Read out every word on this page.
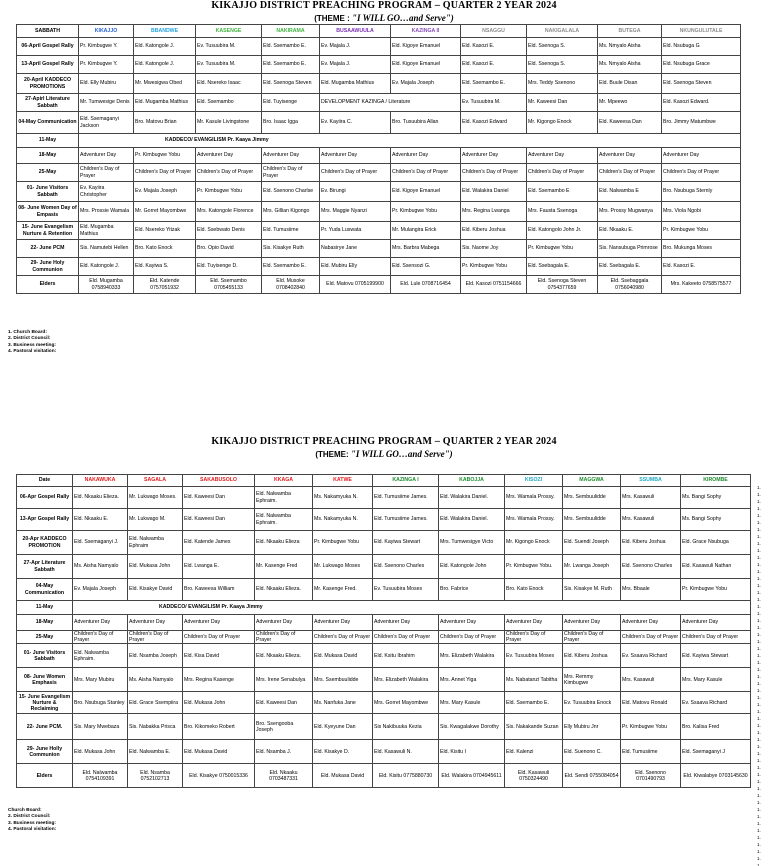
KIKAJJO DISTRICT PREACHING PROGRAM – QUARTER 2 YEAR 2024
(THEME : "I WILL GO…and Serve")
SABBATH	KIKAJJO	BBANDWE	KASENGE	NAKIRAMA	BUSAAWUULA	KAZINGA II	NSAGGU	NAKIGALALA	BUTEGA	NKUNGULUTALE
06-April Gospel Rally	Pr. Kimbugwe Y.	Eld. Katongole J.	Ev. Tusuubira M.	Eld. Ssemambo E.	Ev. Majala J.	Eld. Kigoye Emanuel	Eld. Kasozi E.	Eld. Ssenoga S.	Ms. Nmyalo Aisha	Eld. Nsubuga G
13-April Gospel Rally	Pr. Kimbugwe Y.	Eld. Katongole J.	Ev. Tusuubira M.	Eld. Ssemambo E.	Ev. Majala J.	Eld. Kigoye Emanuel	Eld. Kasozi E.	Eld. Ssenoga S.	Ms. Nmyalo Aisha	Eld. Nsubuga Grace
20-April KADDECO PROMOTIONS	Eld. Elly Mubiru	Mr. Mwesigwa Obed	Eld. Nsereko Isaac	Eld. Ssenoga Steven	Eld. Mugamba Mathius	Ev. Majala Joseph	Eld. Ssemambo E.	Mrs. Teddy Ssenono	Eld. Buule Disan	Eld. Ssenoga Steven
27-Apirl Literature Sabbath	Mr. Tumwesige Denis	Eld. Mugamba Mathius	Eld. Ssemambo	Eld. Tuyisenge	DEVELOPMENT KAZINGA / Literature		Ev. Tusuubira M.	Mr. Kaweesi Dan	Mr. Mpeewo	Eld. Kasozi Edward.
04-May Communication	Eld. Ssemaganyi Jackson	Bro. Matovu Brian	Mr. Kasule Livingstone	Bro. Isaac Igga	Ev. Kayiira C.	Bro. Tusuubira Allan	Eld. Kasozi Edward	Mr. Kigongo Enock	Eld. Kaweesa Dan	Bro. Jimmy Matumbwe
11-May	KADDECO/ EVANGILISM Pr. Kaaya Jimmy									
18-May	Adventurer Day	Pr. Kimbugwe Yobu	Adventurer Day	Adventurer Day	Adventurer Day	Adventurer Day	Adventurer Day	Adventurer Day	Adventurer Day	Adventurer Day
25-May	Children's Day of Prayer	Children's Day of Prayer	Children's Day of Prayer	Children's Day of Prayer	Children's Day of Prayer	Children's Day of Prayer	Children's Day of Prayer	Children's Day of Prayer	Children's Day of Prayer	Children's Day of Prayer
01- June Visitors Sabbath	Ev. Kayiira Christopher	Ev. Majala Joseph	Pr. Kimbugwe Yobu	Eld. Ssenono Charlse	Ev. Birungi	Eld. Kigoye Emanuel	Eld. Walakira Daniel	Eld. Ssemambo E	Eld. Nalwamba E	Bro. Nsubuga Sternly
08- June Women Day of Empasis	Mrs. Prossie Wamala	Mr. Gorret Mayombwe	Mrs. Katongole Florence	Mrs. Gillian Kigongo	Mrs. Maggie Nyanzi	Pr. Kimbugwe Yobu	Mrs. Regina Lwanga	Mrs. Fausta Ssenoga	Mrs. Prossy Mugwanya	Mrs. Viola Ngobi
15- June Evangelism Nurture & Retention	Eld. Mugamba Mathius	Eld. Nsereko Yitzak	Eld. Ssebwato Denis	Eld. Tumusiime	Pr. Yuda Luswata	Mr. Mulangira Erick	Eld. Kiberu Joshua	Eld. Katongolo John Jr.	Eld. Nkaaku E.	Pr. Kimbugwe Yobu
22- June PCM	Sis. Namutebi Hellen	Bro. Kato Enock	Bro. Opio David	Sis. Kisakye Ruth	Nabasirye Jane	Mrs. Barbra Mabega	Sis. Naome Joy	Pr. Kimbugwe Yobu	Sis. Nansubuga Primrose	Bro. Mukunga Moses
29- June Holy Communion	Eld. Katongole J.	Eld. Kayiwa S.	Eld. Tuyisenge D.	Eld. Ssemambo E.	Eld. Mubiru Elly	Eld. Ssensozi G.	Pr. Kimbugwe Yobu	Eld. Ssebagala E.	Eld. Ssebagala E.	Eld. Kasozi E.
Elders	Eld. Mugamba 0758940333	Eld. Katende 0757051932	Eld. Ssemambo 0705455133	Eld. Musoke 0708402840	Eld. Matovu 0705199900	Eld. Lule 0708716454	Eld. Kasozi 0751154666	Eld. Ssenoga Steven 0754377659	Eld. Ssebaggala 0756040980	Mrs. Kakeeto 0758575577
1. Church Board:
2. District Council:
3. Business meeting:
4. Pastoral visitation:
KIKAJJO DISTRICT PREACHING PROGRAM – QUARTER 2 YEAR 2024
(THEME: "I WILL GO…and Serve")
Date	NAKAWUKA	SAGALA	SAKABUSOLO	KKAGA	KATWE	KAZINGA I	KABOJJA	KISOZI	MAGGWA	SSUMBA	KIROMBE
06-Apr Gospel Rally	Eld. Nkaaku Elieza.	Mr. Lukwago Moses.	Eld. Kaweesi Dan	Eld. Nalwamba Ephraim.	Ms. Nakamyuka N.	Eld. Tumusiime James.	Eld. Walakira Daniel.	Mrs. Wamala Prossy.	Mrs. Sembuulidde	Mrs. Kasawuli	Ms. Bangi Sophy
13-Apr Gospel Rally	Eld. Nkaaku E.	Mr. Lukwago M.	Eld. Kaweesi Dan	Eld. Nalwamba Ephraim.	Ms. Nakamyuka N.	Eld. Tumusiime James.	Eld. Walakira Daniel.	Mrs. Wamala Prossy.	Mrs. Sembuulidde	Mrs. Kasawuli	Ms. Bangi Sophy
20-Apr KADDECO PROMOTION	Eld. Ssemaganyi J.	Eld. Nalwamba Ephraim	Eld. Katende James	Eld. Nkaaku Elieza	Pr. Kimbugwe Yobu	Eld. Kayiwa Stewart	Mrs. Tumwesigye Victo	Mr. Kigongo Enock	Eld. Suendi Joseph	Eld. Kiberu Joshua	Eld. Grace Nsubuga
27-Apr Literature Sabbath	Ms. Aisha Namyalo	Eld. Mukasa John	Eld. Lwanga E.	Mr. Kasenge Fred	Mr. Lukwago Moses	Eld. Ssenono Charles	Eld. Katongole John	Pr. Kimbugwe Yobu.	Mr. Lwanga Joseph	Eld. Ssenono Charles	Eld. Kasawuli Nathan
04-May Communication	Ev. Majala Joseph	Eld. Kisakye David	Bro. Kaweesa William	Eld. Nkaaku Elieza.	Mr. Kasenge Fred.	Ev. Tusuubira Moses	Bro. Fabrice	Bro. Kato Enock	Sis. Kisakye M. Ruth	Mrs. Bbaale	Pr. Kimbugwe Yobu
11-May	KADDECO/ EVANGILISM Pr. Kaaya Jimmy										
18-May	Adventurer Day	Adventurer Day	Adventurer Day	Adventurer Day	Adventurer Day	Adventurer Day	Adventurer Day	Adventurer Day	Adventurer Day	Adventurer Day	Adventurer Day
25-May	Children's Day of Prayer	Children's Day of Prayer	Children's Day of Prayer	Children's Day of Prayer	Children's Day of Prayer	Children's Day of Prayer	Children's Day of Prayer	Children's Day of Prayer	Children's Day of Prayer	Children's Day of Prayer	Children's Day of Prayer
01- June Visitors Sabbath	Eld. Nalwamba Ephraim.	Eld. Nsamba Joseph	Eld. Kisa David	Eld. Nkaaku Elieza.	Eld. Mukasa David	Eld. Ksitu Ibrahim	Mrs. Elizabeth Walakira	Ev. Tusuubira Moses	Eld. Kiberu Joshua	Ev. Ssaava Richard	Eld. Kayiwa Stewart
08- June Women Emphasis	Mrs. Mary Mubiru	Ms. Aisha Namyalo	Mrs. Regina Kasenge	Mrs. Irene Senabulya	Mrs. Ssembuulidde	Mrs. Elizabeth Walakira	Mrs. Annet Yiga	Ms. Nabatanzi Tabitha	Mrs. Remmy Kimbugwe	Mrs. Kasawuli	Mrs. Mary Kasule
15- June Evangelism Nurture & Reclaiming	Bro. Nsubuga Stanley	Eld. Grace Ssempiira	Eld. Mukasa John	Eld. Kaweesi Dan	Ms. Nanfuka Jane	Mrs. Gorret Mayombwe	Mrs. Mary Kasule	Eld. Ssemambo E.	Ev. Tusuubira Enock	Eld. Matovu Ronald	Ev. Ssaava Richard
22- June PCM.	Sis. Mary Mwebaza	Sis. Nabakka Prisca	Bro. Kikomeko Robert	Bro. Ssengooba Joseph	Eld. Kyeyune Dan	Sis Nakibuuka Kezia	Sis. Kwagalakwe Dorothy	Sis. Nakakande Suzan	Elly Mubiru Jnr	Pr. Kimbugwe Yobu	Bro. Kalisa Fred
29- June Holly Communion	Eld. Mukasa John	Eld. Nalwamba E.	Eld. Mukasa David	Eld. Nsamba J.	Eld. Kisakye D.	Eld. Kasawuli N.	Eld. Kisitu I	Eld. Kalenzi	Eld. Suenono C.	Eld. Tumusiime	Eld. Ssemaganyi J
Elders	Eld. Nalwamba 0754109391	Eld. Nsamba 0752102713	Eld. Kisakye 0750015336	Eld. Nkaaku 0703487331	Eld. Mukasa David	Eld. Kisitu 0775880730	Eld. Walakira 0704945611	Eld. Kasawuli 0750324490	Eld. Sendi 0755084054	Eld. Ssenono 0701490793	Eld. Kiwalabye 0703145630
Church Board:
2. District Council:
3. Business meeting:
4. Pastoral visitation:
1.
1.
1.
1.
1.
1.
1.
1.
1.
1.
1.
1.
1.
1.
1.
1.
1.
1.
1.
1.
1.
1.
1.
1.
1.
1.
1.
1.
1.
1.
1.
1.
1.
1.
1.
1.
1.
1.
1.
1.
1.
1.
1.
1.
1.
1.
1.
1.
1.
1.
1.
1.
1.
1.
1.
